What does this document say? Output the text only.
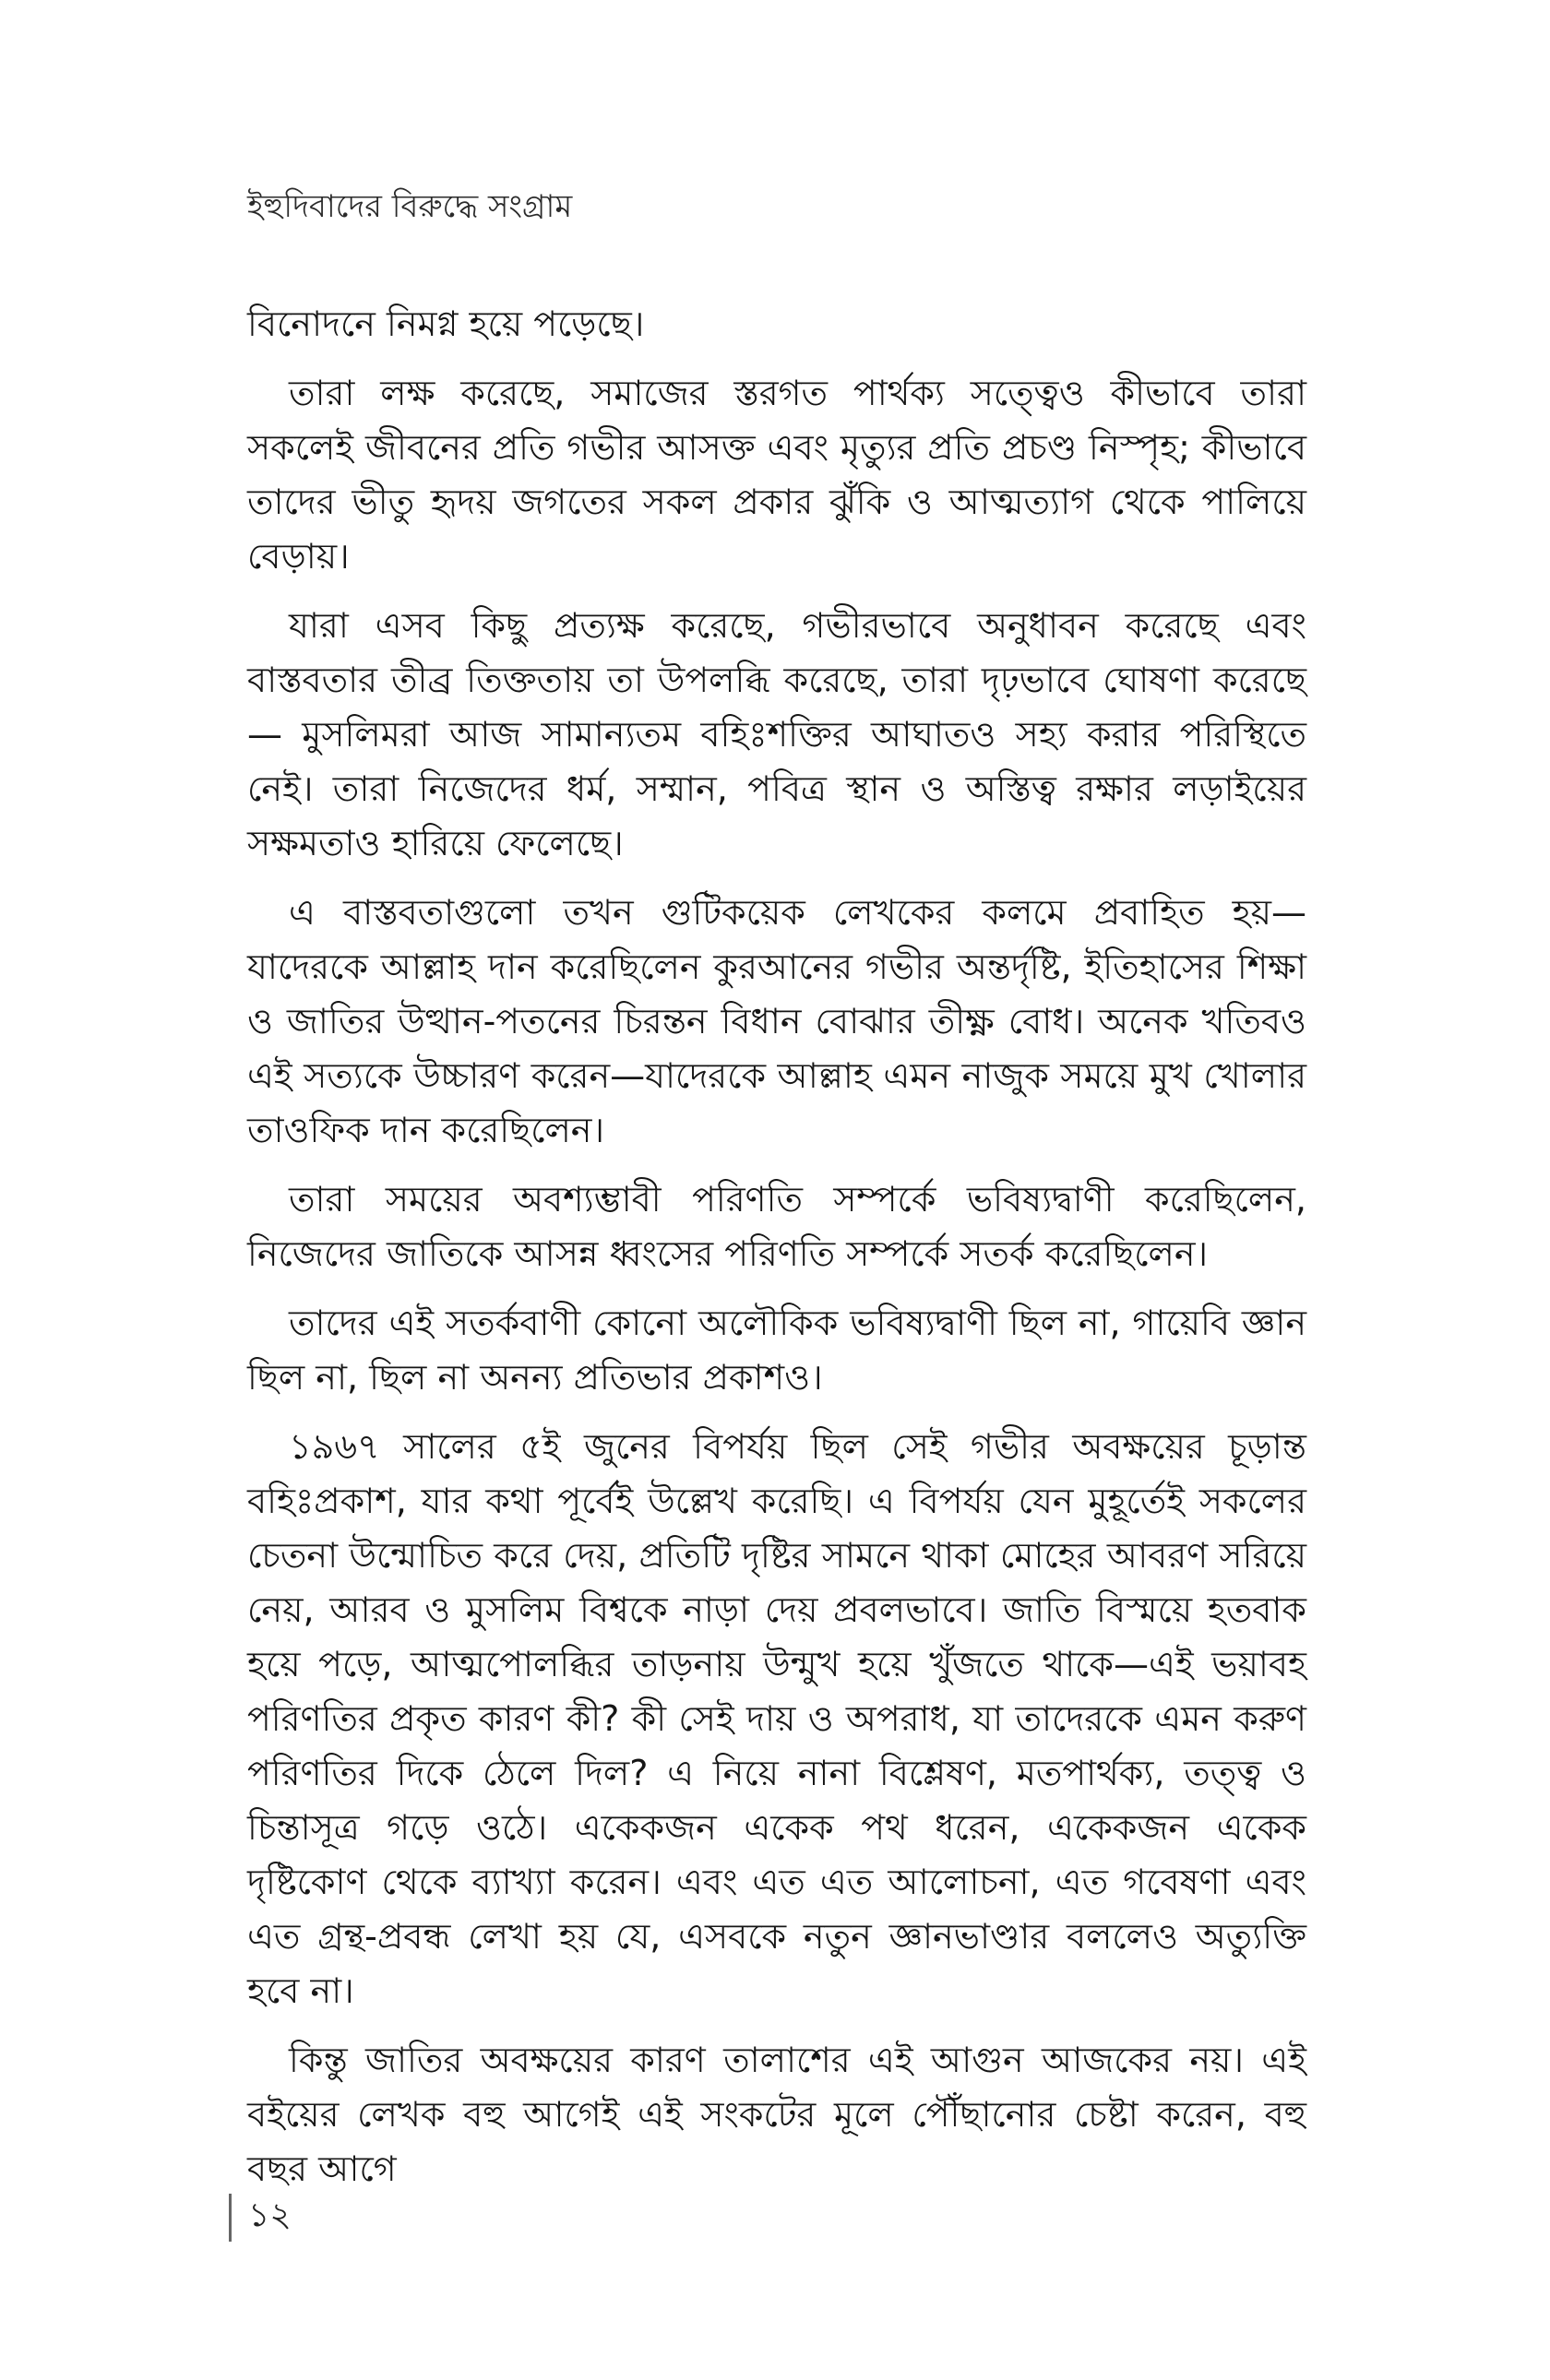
ইহুদিবাদের বিরুদ্ধে সংগ্রাম

বিনোদনে নিমগ্ন হয়ে পড়েছে।

তারা লক্ষ করেছে, সমাজের স্তরগত পার্থক্য সত্ত্বেও কীভাবে তারা সকলেই জীবনের প্রতি গভীর আসক্ত এবং মৃত্যুর প্রতি প্রচণ্ড নিস্পৃহ; কীভাবে তাদের ভীতু হৃদয় জগতের সকল প্রকার ঝুঁকি ও আত্মত্যাগ থেকে পালিয়ে বেড়ায়।

যারা এসব কিছু প্রত্যক্ষ করেছে, গভীরভাবে অনুধাবন করেছে এবং বাস্তবতার তীব্র তিক্ততায় তা উপলব্ধি করেছে, তারা দৃঢ়ভাবে ঘোষণা করেছে— মুসলিমরা আজ সামান্যতম বহিঃশক্তির আঘাতও সহ্য করার পরিস্থিতে নেই। তারা নিজেদের ধর্ম, সম্মান, পবিত্র স্থান ও অস্তিত্ব রক্ষার লড়াইয়ের সক্ষমতাও হারিয়ে ফেলেছে।

এ বাস্তবতাগুলো তখন গুটিকয়েক লেখকের কলমে প্রবাহিত হয়—যাদেরকে আল্লাহ দান করেছিলেন কুরআনের গভীর অন্তর্দৃষ্টি, ইতিহাসের শিক্ষা ও জাতির উত্থান-পতনের চিরন্তন বিধান বোঝার তীক্ষ্ণ বোধ। অনেক খতিবও এই সত্যকে উচ্চারণ করেন—যাদেরকে আল্লাহ এমন নাজুক সময়ে মুখ খোলার তাওফিক দান করেছিলেন।

তারা সময়ের অবশ্যম্ভাবী পরিণতি সম্পর্কে ভবিষ্যদ্বাণী করেছিলেন, নিজেদের জাতিকে আসন্ন ধ্বংসের পরিণতি সম্পর্কে সতর্ক করেছিলেন।

তাদের এই সতর্কবাণী কোনো অলৌকিক ভবিষ্যদ্বাণী ছিল না, গায়েবি জ্ঞান ছিল না, ছিল না অনন্য প্রতিভার প্রকাশও।

১৯৬৭ সালের ৫ই জুনের বিপর্যয় ছিল সেই গভীর অবক্ষয়ের চূড়ান্ত বহিঃপ্রকাশ, যার কথা পূর্বেই উল্লেখ করেছি। এ বিপর্যয় যেন মুহূর্তেই সকলের চেতনা উন্মোচিত করে দেয়, প্রতিটি দৃষ্টির সামনে থাকা মোহের আবরণ সরিয়ে নেয়, আরব ও মুসলিম বিশ্বকে নাড়া দেয় প্রবলভাবে। জাতি বিস্ময়ে হতবাক হয়ে পড়ে, আত্মপোলব্ধির তাড়নায় উন্মুখ হয়ে খুঁজতে থাকে—এই ভয়াবহ পরিণতির প্রকৃত কারণ কী? কী সেই দায় ও অপরাধ, যা তাদেরকে এমন করুণ পরিণতির দিকে ঠেলে দিল? এ নিয়ে নানা বিশ্লেষণ, মতপার্থক্য, তত্ত্ব ও চিন্তাসূত্র গড়ে ওঠে। একেকজন একেক পথ ধরেন, একেকজন একেক দৃষ্টিকোণ থেকে ব্যাখ্যা করেন। এবং এত এত আলোচনা, এত গবেষণা এবং এত গ্রন্থ-প্রবন্ধ লেখা হয় যে, এসবকে নতুন জ্ঞানভাণ্ডার বললেও অত্যুক্তি হবে না।

কিন্তু জাতির অবক্ষয়ের কারণ তালাশের এই আগুন আজকের নয়। এই বইয়ের লেখক বহু আগেই এই সংকটের মূলে পৌঁছানোর চেষ্টা করেন, বহু বছর আগে

১২
